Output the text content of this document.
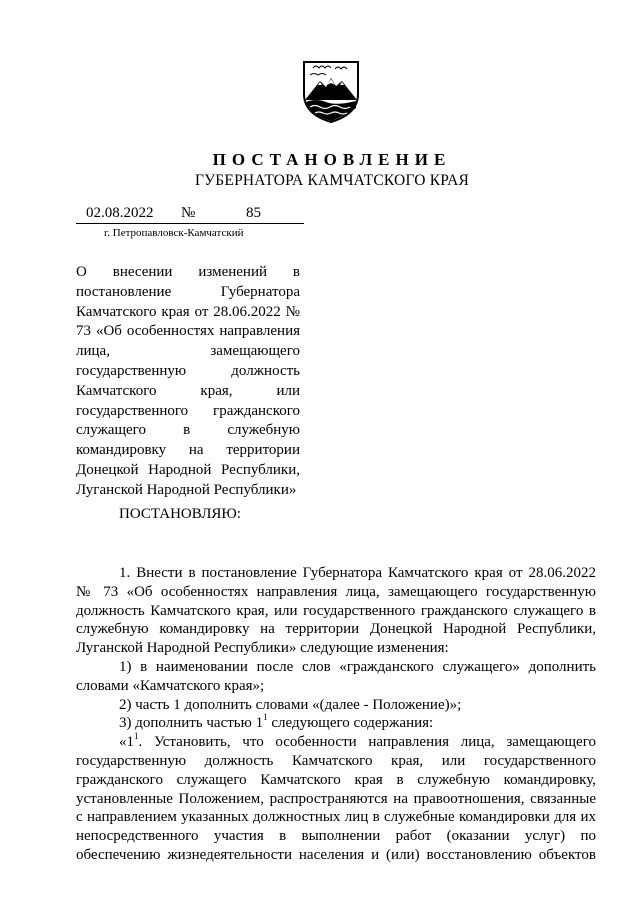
ПОСТАНОВЛЕНИЕ
ГУБЕРНАТОРА КАМЧАТСКОГО КРАЯ
02.08.2022 №	85
г. Петропавловск-Камчатский
О внесении изменений в постановление Губернатора Камчатского края от 28.06.2022 № 73 «Об особенностях направления лица, замещающего государственную должность Камчатского края, или государственного гражданского служащего в служебную командировку на территории Донецкой Народной Республики, Луганской Народной Республики»
ПОСТАНОВЛЯЮ:

1. Внести в постановление Губернатора Камчатского края от 28.06.2022 № 73 «Об особенностях направления лица, замещающего государственную должность Камчатского края, или государственного гражданского служащего в служебную командировку на территории Донецкой Народной Республики, Луганской Народной Республики» следующие изменения:

1) в наименовании после слов «гражданского служащего» дополнить словами «Камчатского края»;

2) часть 1 дополнить словами «(далее - Положение)»;

3) дополнить частью $1^1$ следующего содержания:

«$1^1$. Установить, что особенности направления лица, замещающего государственную должность Камчатского края, или государственного гражданского служащего Камчатского края в служебную командировку, установленные Положением, распространяются на правоотношения, связанные с направлением указанных должностных лиц в служебные командировки для их непосредственного участия в выполнении работ (оказании услуг) по обеспечению жизнедеятельности населения и (или) восстановлению объектов
